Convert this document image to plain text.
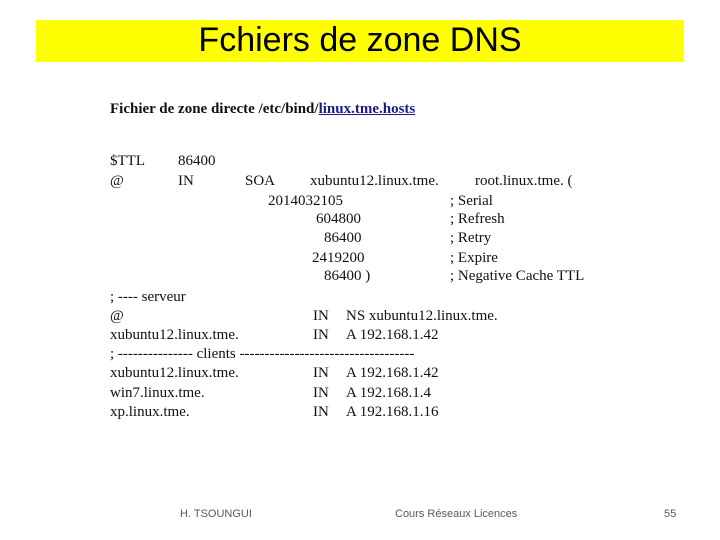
Fchiers de zone DNS
Fichier de zone directe /etc/bind/linux.tme.hosts
$TTL 86400
@	IN	SOA xubuntu12.linux.tme. root.linux.tme. (
2014032105	; Serial
604800	; Refresh
86400	; Retry
2419200	; Expire
86400 )	; Negative Cache TTL
; ---- serveur
@	IN NS xubuntu12.linux.tme.
xubuntu12.linux.tme.	IN A 192.168.1.42
; --------------- clients -----------------------------------
xubuntu12.linux.tme.	IN A 192.168.1.42
win7.linux.tme.	IN A 192.168.1.4
xp.linux.tme.	IN A 192.168.1.16
H. TSOUNGUI	Cours Réseaux Licences	55
